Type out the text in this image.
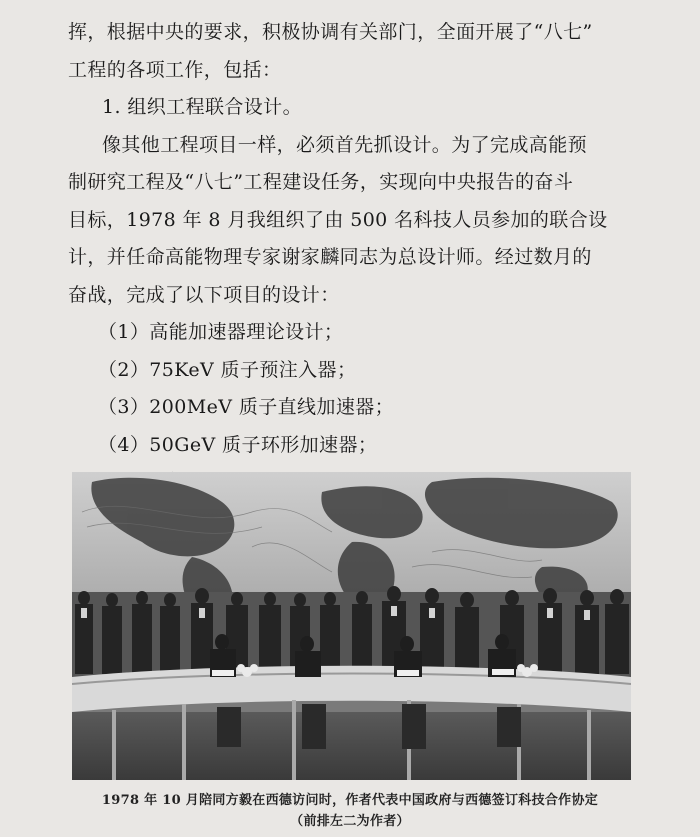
挥，根据中央的要求，积极协调有关部门，全面开展了“八七”
工程的各项工作，包括：
1. 组织工程联合设计。
像其他工程项目一样，必须首先抓设计。为了完成高能预
制研究工程及“八七”工程建设任务，实现向中央报告的奋斗
目标，1978 年 8 月我组织了由 500 名科技人员参加的联合设
计，并任命高能物理专家谢家麟同志为总设计师。经过数月的
奋战，完成了以下项目的设计：
（1）高能加速器理论设计；
（2）75KeV 质子预注入器；
（3）200MeV 质子直线加速器；
（4）50GeV 质子环形加速器；
1978 年 10 月陪同方毅在西德访问时，作者代表中国政府与西德签订科技合作协定
（前排左二为作者）
